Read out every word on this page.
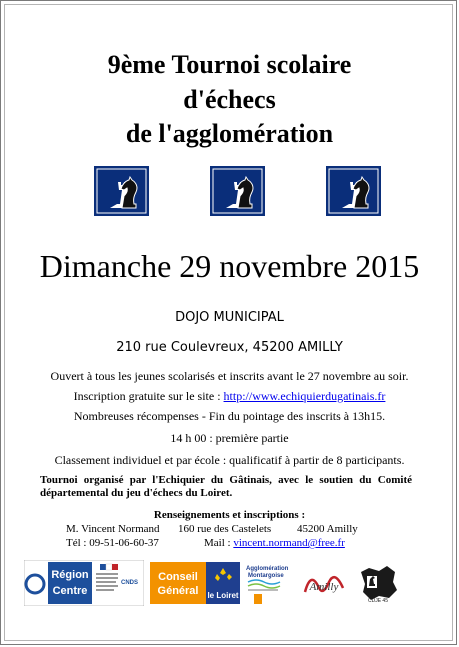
9ème Tournoi scolaire
d'échecs
de l'agglomération
Dimanche 29 novembre 2015
DOJO MUNICIPAL
210 rue Coulevreux, 45200 AMILLY
Ouvert à tous les jeunes scolarisés et inscrits avant le 27 novembre au soir.
Inscription gratuite sur le site : http://www.echiquierdugatinais.fr
Nombreuses récompenses - Fin du pointage des inscrits à 13h15.
14 h 00 : première partie
Classement individuel et par école : qualificatif à partir de 8 participants.
Tournoi organisé par l'Echiquier du Gâtinais, avec le soutien du Comité
départemental du jeu d'échecs du Loiret.
Renseignements et inscriptions :
M. Vincent Normand 160 rue des Castelets 45200 Amilly
Tél : 09-51-06-60-37	Mail : vincent.normand@free.fr
Région
Centre
CNDS Conseil
Général le Loiret
Agglomération
Montargoise
Amilly
CDJE 45
